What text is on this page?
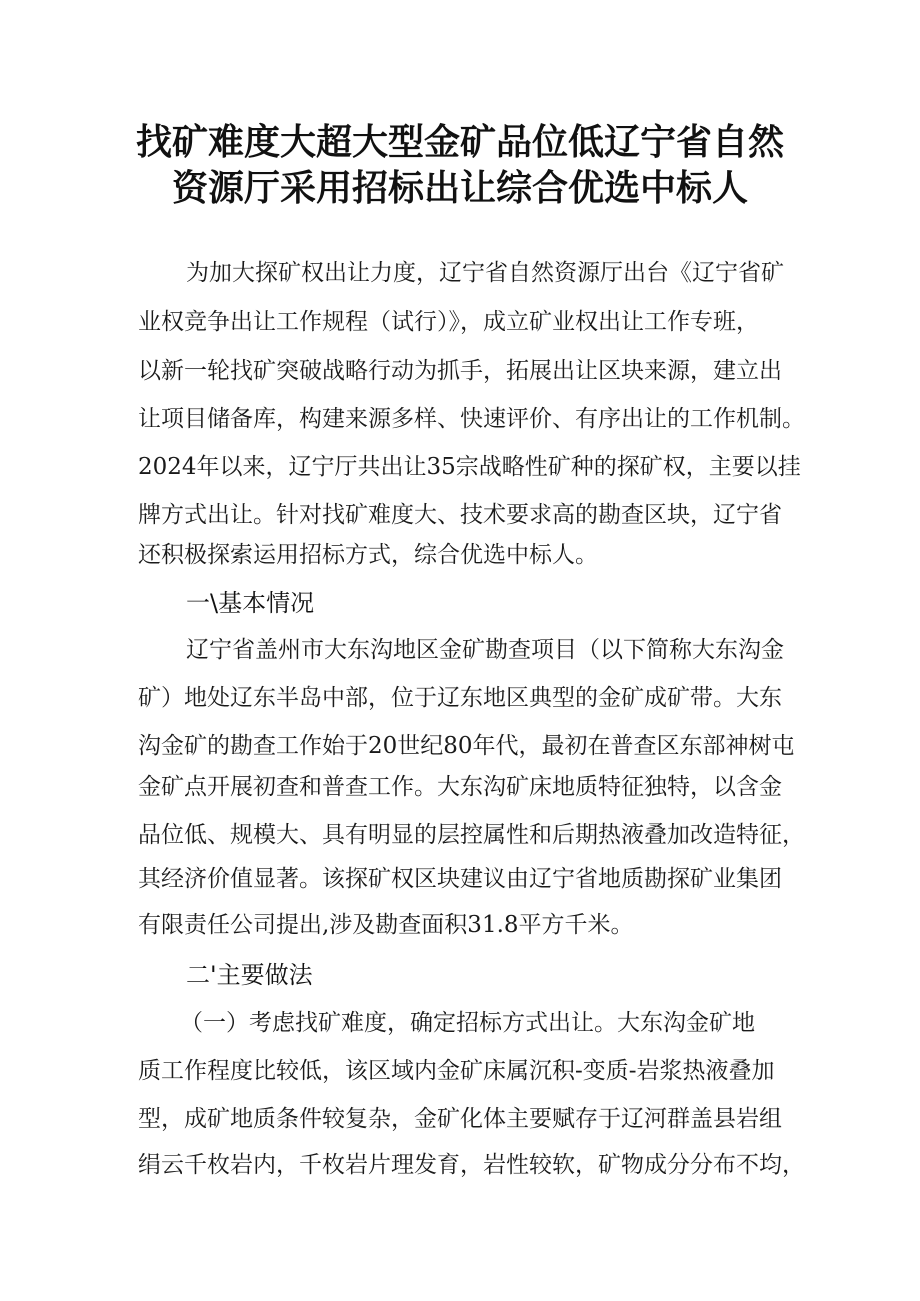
找矿难度大超大型金矿品位低辽宁省自然
资源厅采用招标出让综合优选中标人
为加大探矿权出让力度，辽宁省自然资源厅出台《辽宁省矿
业权竞争出让工作规程（试行）》，成立矿业权出让工作专班，
以新一轮找矿突破战略行动为抓手，拓展出让区块来源，建立出
让项目储备库，构建来源多样、快速评价、有序出让的工作机制。
2024年以来，辽宁厅共出让35宗战略性矿种的探矿权，主要以挂
牌方式出让。针对找矿难度大、技术要求高的勘查区块，辽宁省
还积极探索运用招标方式，综合优选中标人。
一\基本情况
辽宁省盖州市大东沟地区金矿勘查项目（以下简称大东沟金
矿）地处辽东半岛中部，位于辽东地区典型的金矿成矿带。大东
沟金矿的勘查工作始于20世纪80年代，最初在普查区东部神树屯
金矿点开展初查和普查工作。大东沟矿床地质特征独特，以含金
品位低、规模大、具有明显的层控属性和后期热液叠加改造特征，
其经济价值显著。该探矿权区块建议由辽宁省地质勘探矿业集团
有限责任公司提出,涉及勘查面积31.8平方千米。
二'主要做法
（一）考虑找矿难度，确定招标方式出让。大东沟金矿地
质工作程度比较低，该区域内金矿床属沉积-变质-岩浆热液叠加
型，成矿地质条件较复杂，金矿化体主要赋存于辽河群盖县岩组
绢云千枚岩内，千枚岩片理发育，岩性较软，矿物成分分布不均，
